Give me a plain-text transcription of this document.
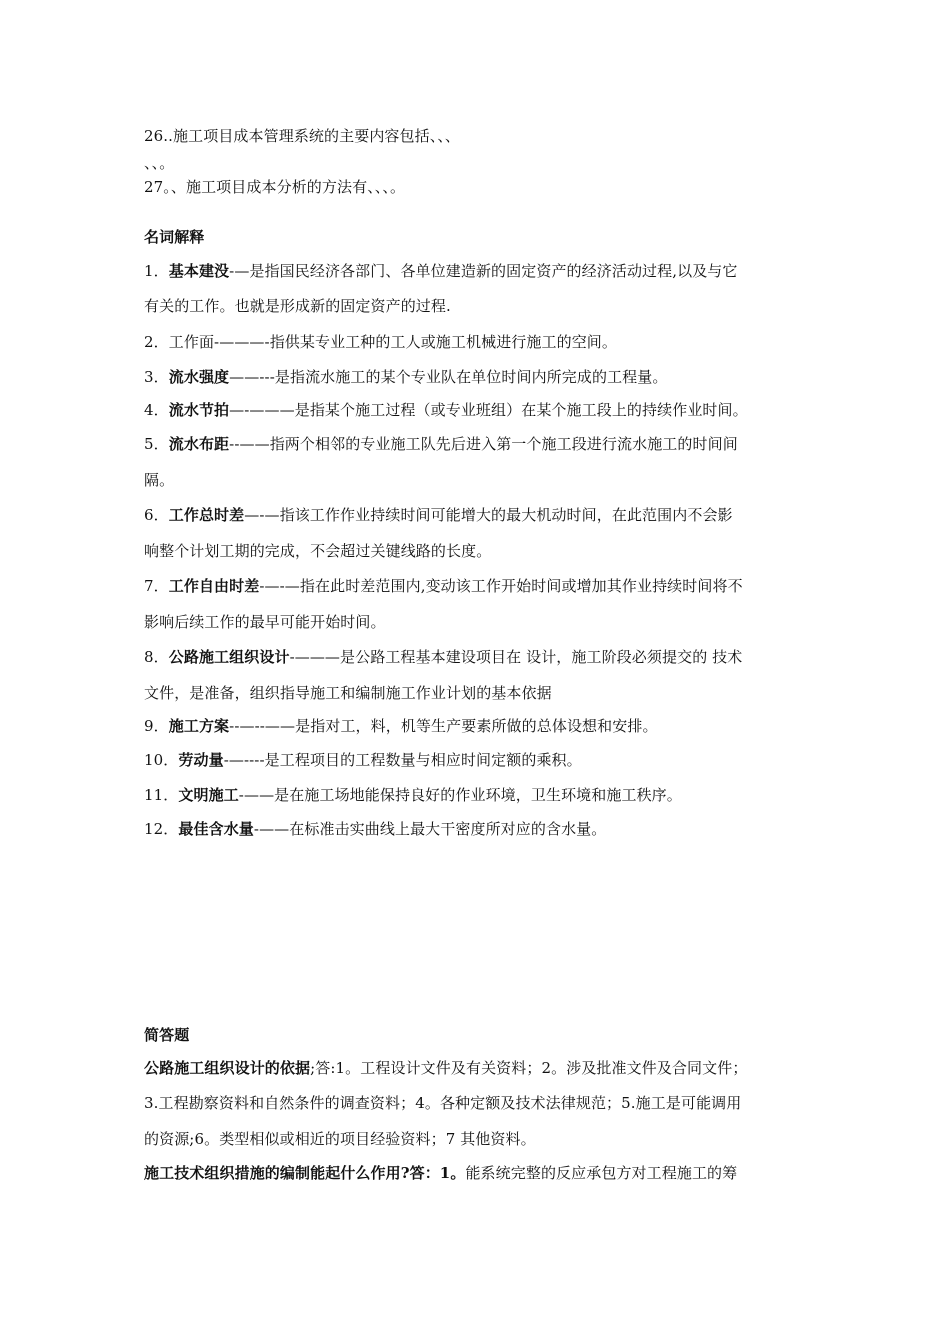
26..施工项目成本管理系统的主要内容包括、、、
、、。
27。、施工项目成本分析的方法有、、、。
名词解释
1．基本建没-—是指国民经济各部门、各单位建造新的固定资产的经济活动过程,以及与它
有关的工作。也就是形成新的固定资产的过程.
2．工作面-———-指供某专业工种的工人或施工机械进行施工的空间。
3．流水强度——---是指流水施工的某个专业队在单位时间内所完成的工程量。
4．流水节拍—-———是指某个施工过程（或专业班组）在某个施工段上的持续作业时间。
5．流水布距--——指两个相邻的专业施工队先后进入第一个施工段进行流水施工的时间间
隔。
6．工作总时差—-—指该工作作业持续时间可能增大的最大机动时间，在此范围内不会影
响整个计划工期的完成，不会超过关键线路的长度。
7．工作自由时差-—-—指在此时差范围内,变动该工作开始时间或增加其作业持续时间将不
影响后续工作的最早可能开始时间。
8．公路施工组织设计-———是公路工程基本建设项目在 设计，施工阶段必须提交的 技术
文件，是准备，组织指导施工和编制施工作业计划的基本依据
9．施工方案--—--——是指对工，料，机等生产要素所做的总体设想和安排。
10．劳动量-—----是工程项目的工程数量与相应时间定额的乘积。
11．文明施工-——是在施工场地能保持良好的作业环境，卫生环境和施工秩序。
12．最佳含水量-——在标准击实曲线上最大干密度所对应的含水量。
简答题
公路施工组织设计的依据;答:1。工程设计文件及有关资料；2。涉及批准文件及合同文件；
3.工程勘察资料和自然条件的调查资料；4。各种定额及技术法律规范；5.施工是可能调用
的资源;6。类型相似或相近的项目经验资料；7 其他资料。
施工技术组织措施的编制能起什么作用?答：1。能系统完整的反应承包方对工程施工的筹
